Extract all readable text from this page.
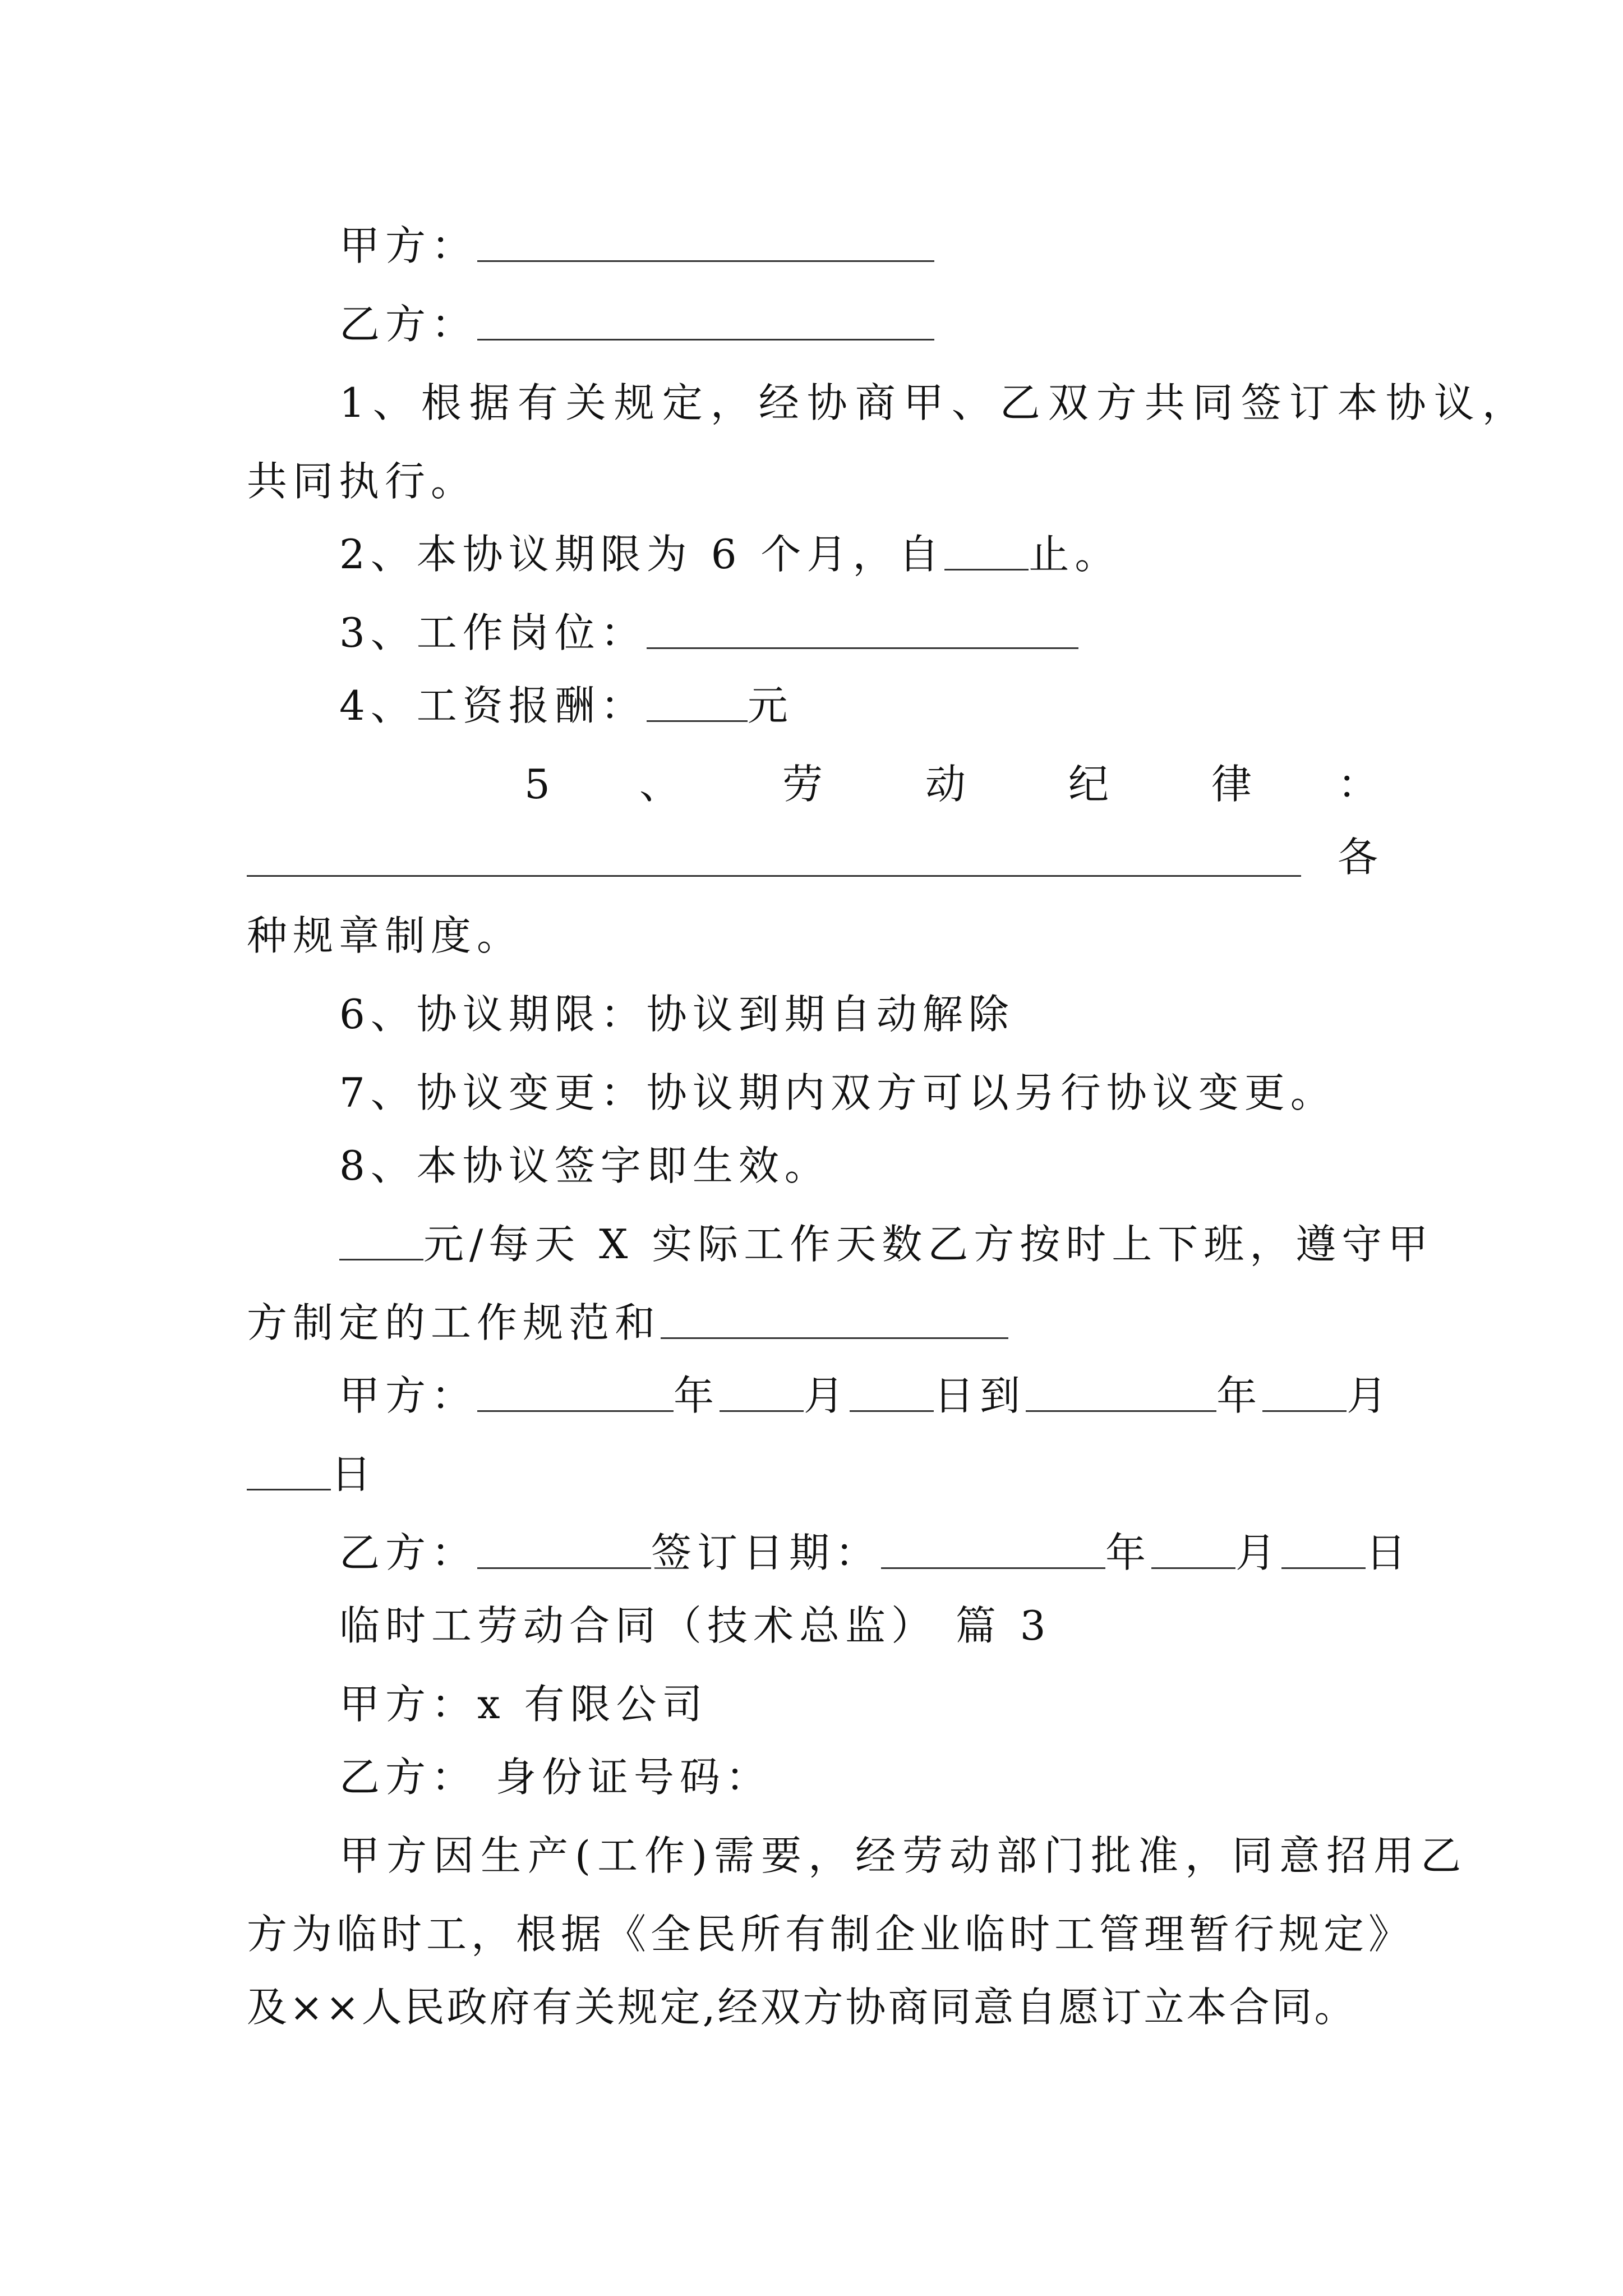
甲方：
乙方：
1、根据有关规定，经协商甲、乙双方共同签订本协议，
共同执行。
2、本协议期限为 6 个月，自 止。
3、工作岗位：
4、工资报酬：	元
5 、	劳	动	纪	律 ：
各
种规章制度。
6、协议期限：协议到期自动解除
7、协议变更：协议期内双方可以另行协议变更。
8、本协议签字即生效。
元/每天 X 实际工作天数乙方按时上下班，遵守甲
方制定的工作规范和
甲方：	年 月 日到	年 月
日
乙方：	签订日期：	年 月 日
临时工劳动合同（技术总监） 篇 3
甲方：x 有限公司
乙方： 身份证号码：
甲方因生产(工作)需要，经劳动部门批准，同意招用乙
方为临时工，根据《全民所有制企业临时工管理暂行规定》
及××人民政府有关规定,经双方协商同意自愿订立本合同。
